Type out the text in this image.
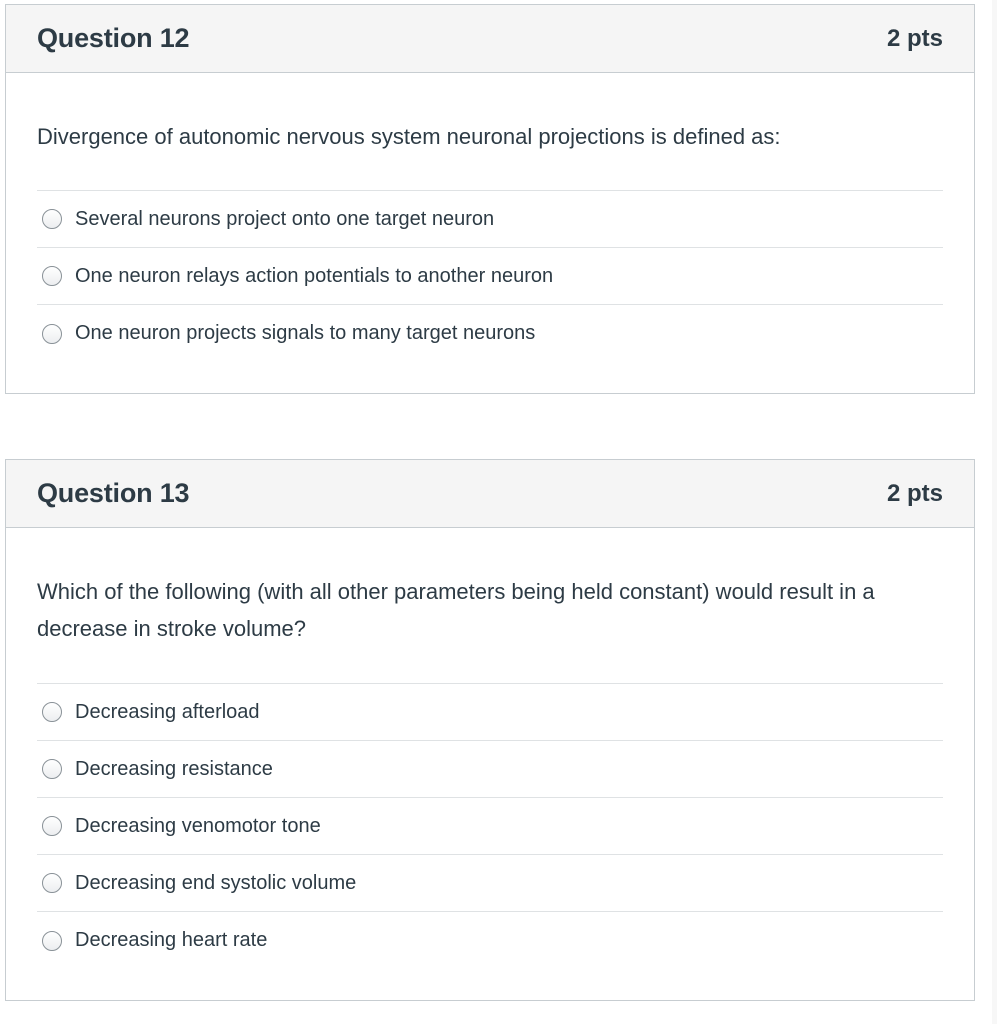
Question 12	2 pts

Divergence of autonomic nervous system neuronal projections is defined as:

Several neurons project onto one target neuron
One neuron relays action potentials to another neuron
One neuron projects signals to many target neurons
Question 13	2 pts

Which of the following (with all other parameters being held constant) would result in a decrease in stroke volume?

Decreasing afterload
Decreasing resistance
Decreasing venomotor tone
Decreasing end systolic volume
Decreasing heart rate
